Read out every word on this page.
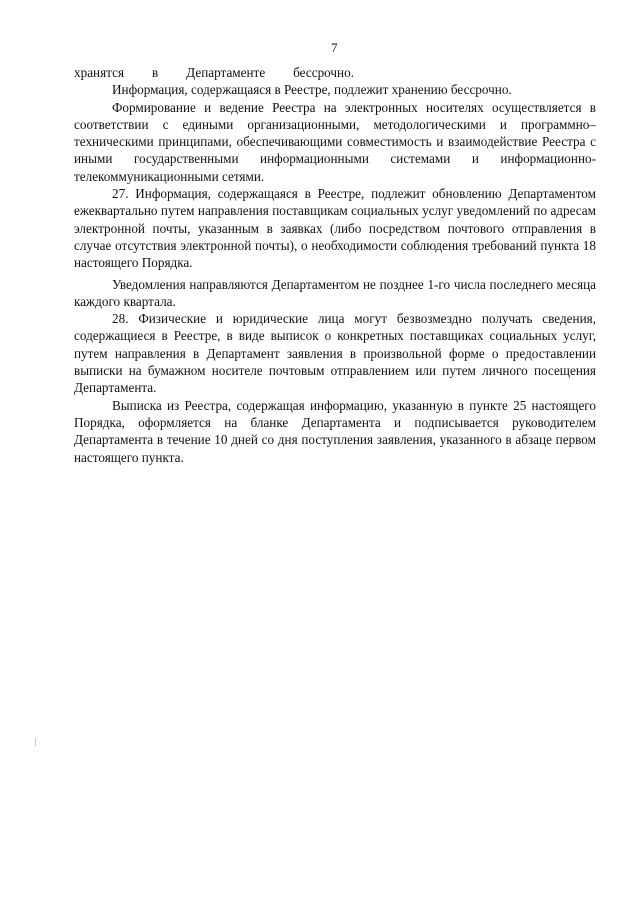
7

хранятся в Департаменте бессрочно.

Информация, содержащаяся в Реестре, подлежит хранению бессрочно.

Формирование и ведение Реестра на электронных носителях осуществляется в соответствии с едиными организационными, методологическими и программно–техническими принципами, обеспечивающими совместимость и взаимодействие Реестра с иными государственными информационными системами и информационно-телекоммуникационными сетями.

27. Информация, содержащаяся в Реестре, подлежит обновлению Департаментом ежеквартально путем направления поставщикам социальных услуг уведомлений по адресам электронной почты, указанным в заявках (либо посредством почтового отправления в случае отсутствия электронной почты), о необходимости соблюдения требований пункта 18 настоящего Порядка.

Уведомления направляются Департаментом не позднее 1-го числа последнего месяца каждого квартала.

28. Физические и юридические лица могут безвозмездно получать сведения, содержащиеся в Реестре, в виде выписок о конкретных поставщиках социальных услуг, путем направления в Департамент заявления в произвольной форме о предоставлении выписки на бумажном носителе почтовым отправлением или путем личного посещения Департамента.

Выписка из Реестра, содержащая информацию, указанную в пункте 25 настоящего Порядка, оформляется на бланке Департамента и подписывается руководителем Департамента в течение 10 дней со дня поступления заявления, указанного в абзаце первом настоящего пункта.
